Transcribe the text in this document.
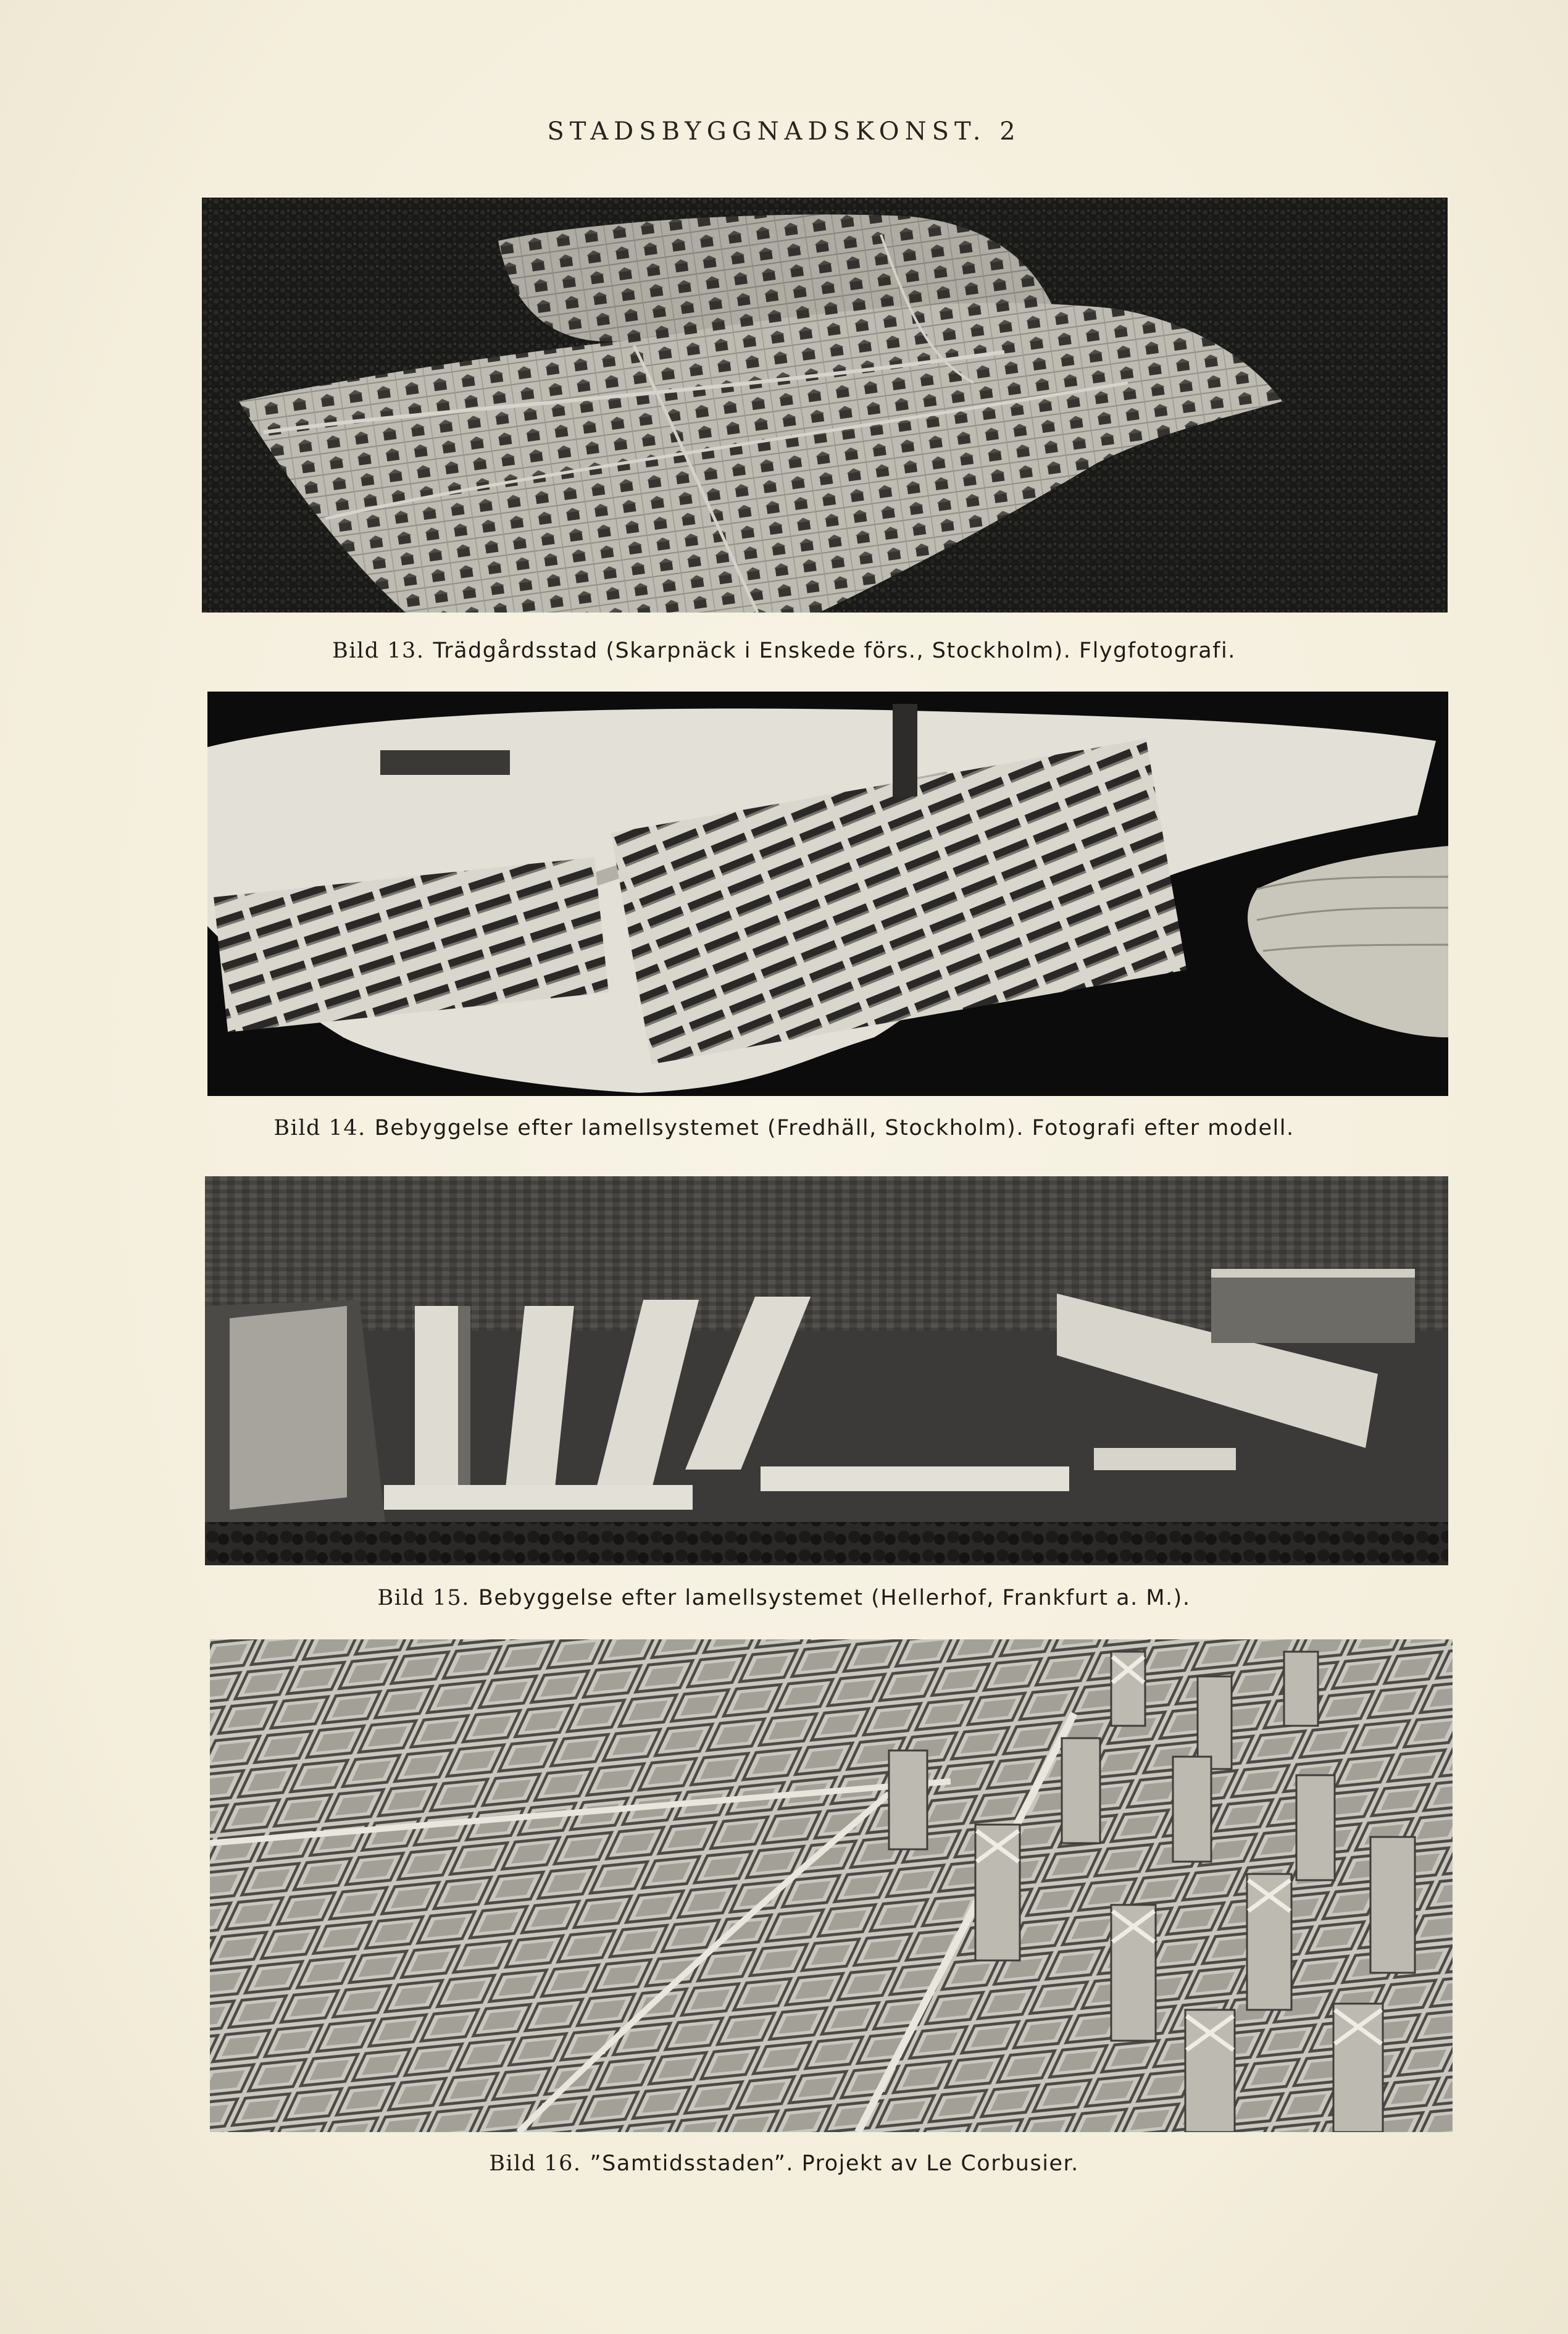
STADSBYGGNADSKONST. 2
Bild 13. Trädgårdsstad (Skarpnäck i Enskede förs., Stockholm). Flygfotografi.
Bild 14. Bebyggelse efter lamellsystemet (Fredhäll, Stockholm). Fotografi efter modell.
Bild 15. Bebyggelse efter lamellsystemet (Hellerhof, Frankfurt a. M.).
Bild 16. ”Samtidsstaden”. Projekt av Le Corbusier.
